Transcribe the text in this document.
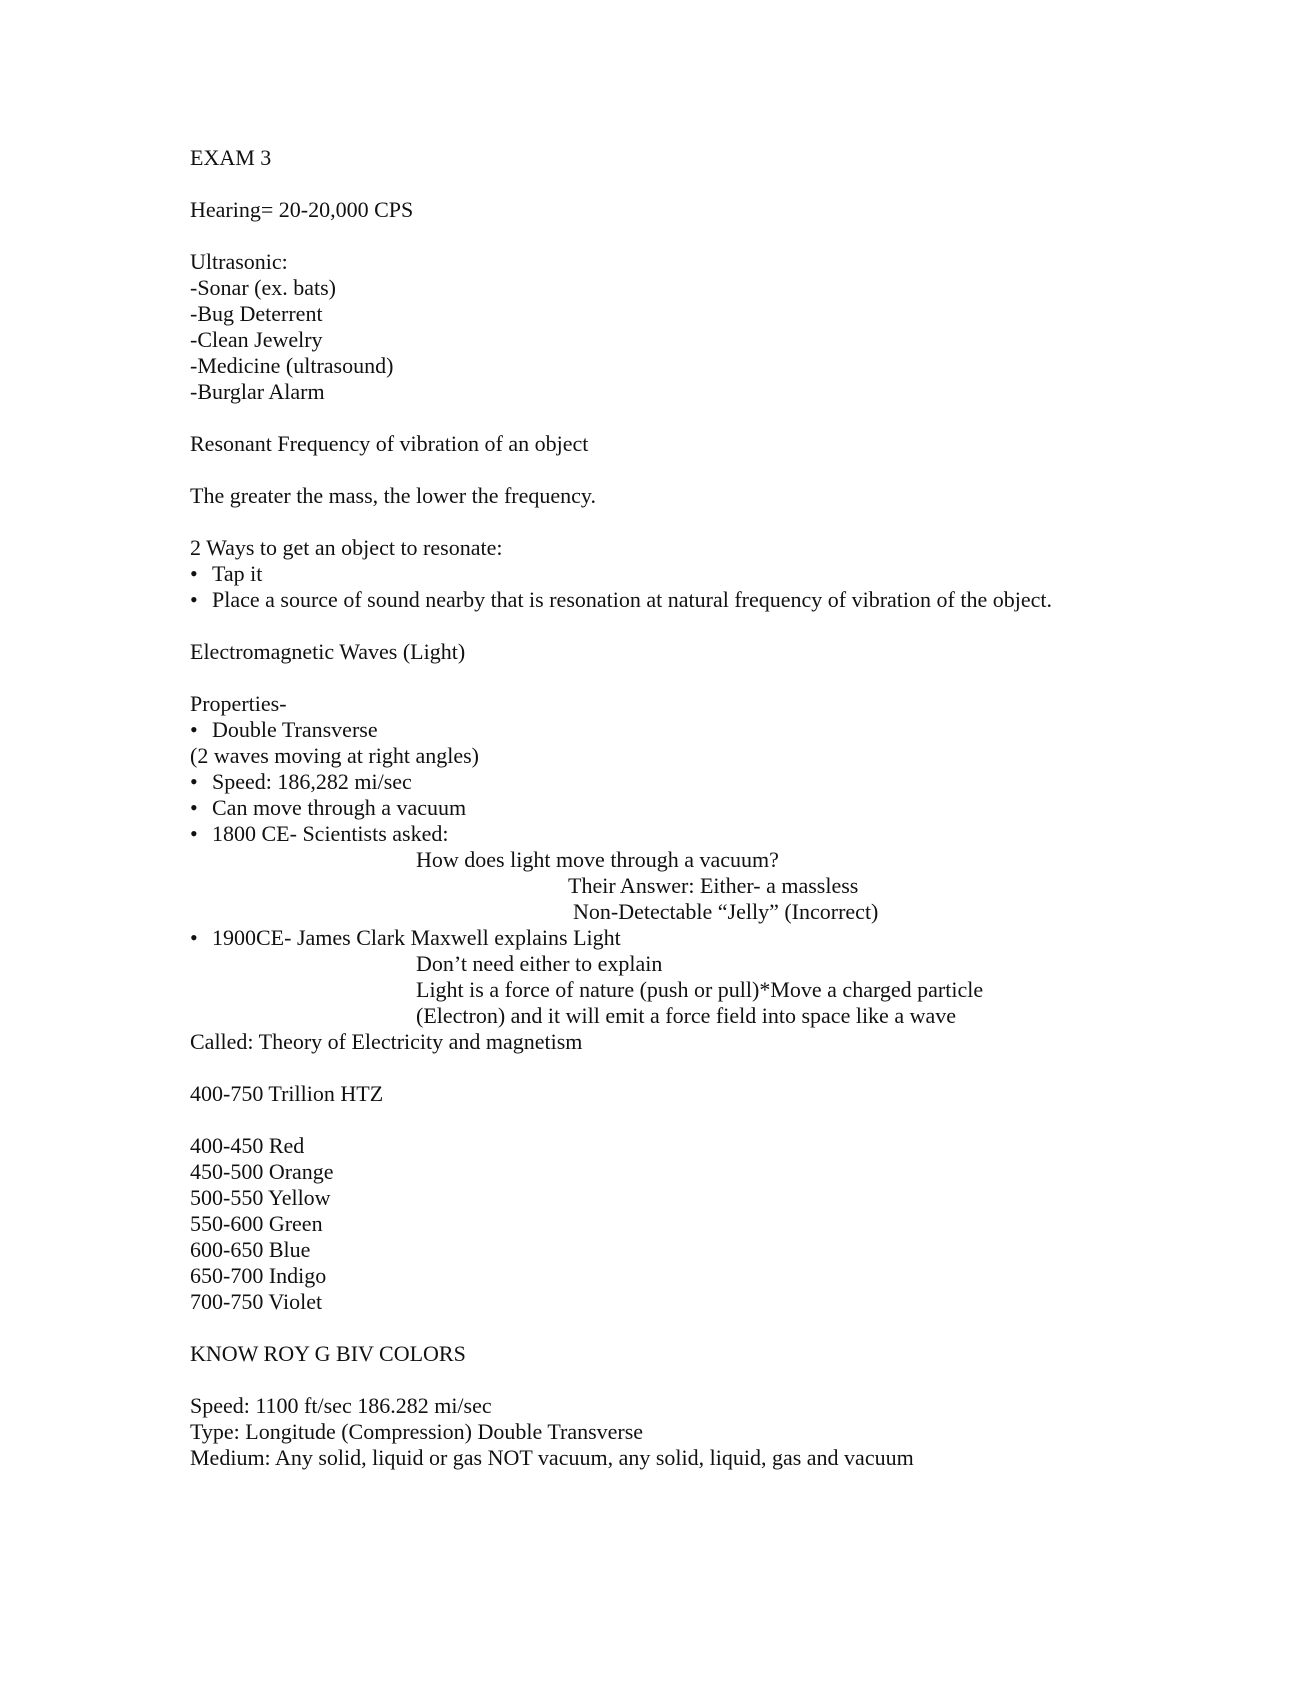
EXAM 3
Hearing= 20-20,000 CPS
Ultrasonic:
-Sonar (ex. bats)
-Bug Deterrent
-Clean Jewelry
-Medicine (ultrasound)
-Burglar Alarm
Resonant Frequency of vibration of an object
The greater the mass, the lower the frequency.
2 Ways to get an object to resonate:
• Tap it
• Place a source of sound nearby that is resonation at natural frequency of vibration of the object.
Electromagnetic Waves (Light)
Properties-
• Double Transverse
(2 waves moving at right angles)
• Speed: 186,282 mi/sec
• Can move through a vacuum
• 1800 CE- Scientists asked:
How does light move through a vacuum?
Their Answer: Either- a massless
Non-Detectable “Jelly” (Incorrect)
• 1900CE- James Clark Maxwell explains Light
Don’t need either to explain
Light is a force of nature (push or pull)*Move a charged particle
(Electron) and it will emit a force field into space like a wave
Called: Theory of Electricity and magnetism
400-750 Trillion HTZ
400-450 Red
450-500 Orange
500-550 Yellow
550-600 Green
600-650 Blue
650-700 Indigo
700-750 Violet
KNOW ROY G BIV COLORS
Speed: 1100 ft/sec 186.282 mi/sec
Type: Longitude (Compression) Double Transverse
Medium: Any solid, liquid or gas NOT vacuum, any solid, liquid, gas and vacuum
